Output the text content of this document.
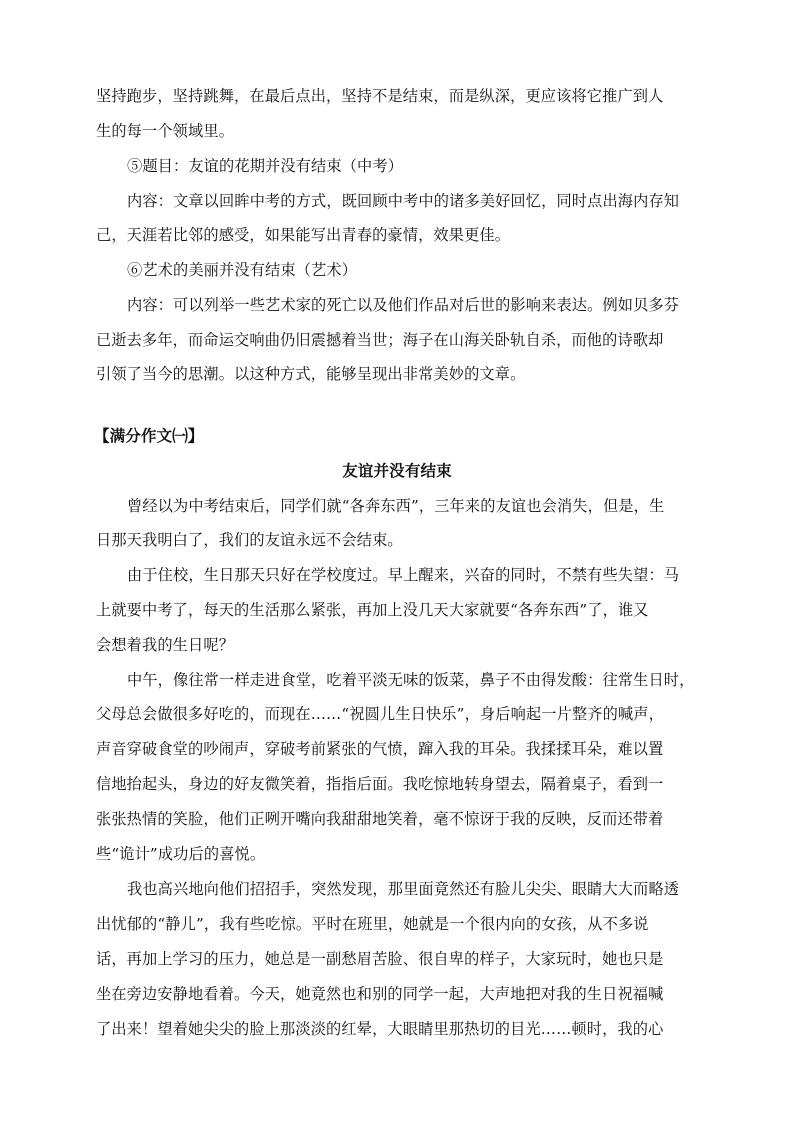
坚持跑步，坚持跳舞，在最后点出，坚持不是结束，而是纵深，更应该将它推广到人
生的每一个领域里。
⑤题目：友谊的花期并没有结束（中考）
内容：文章以回眸中考的方式，既回顾中考中的诸多美好回忆，同时点出海内存知
己，天涯若比邻的感受，如果能写出青春的豪情，效果更佳。
⑥艺术的美丽并没有结束（艺术）
内容：可以列举一些艺术家的死亡以及他们作品对后世的影响来表达。例如贝多芬
已逝去多年，而命运交响曲仍旧震撼着当世；海子在山海关卧轨自杀，而他的诗歌却
引领了当今的思潮。以这种方式，能够呈现出非常美妙的文章。
【满分作文㈠】
友谊并没有结束
曾经以为中考结束后，同学们就“各奔东西”，三年来的友谊也会消失，但是，生
日那天我明白了，我们的友谊永远不会结束。
由于住校，生日那天只好在学校度过。早上醒来，兴奋的同时，不禁有些失望：马
上就要中考了，每天的生活那么紧张，再加上没几天大家就要“各奔东西”了，谁又
会想着我的生日呢？
中午，像往常一样走进食堂，吃着平淡无味的饭菜，鼻子不由得发酸：往常生日时，
父母总会做很多好吃的，而现在……“祝圆儿生日快乐”，身后响起一片整齐的喊声，
声音穿破食堂的吵闹声，穿破考前紧张的气愤，蹿入我的耳朵。我揉揉耳朵，难以置
信地抬起头，身边的好友微笑着，指指后面。我吃惊地转身望去，隔着桌子，看到一
张张热情的笑脸，他们正咧开嘴向我甜甜地笑着，毫不惊讶于我的反映，反而还带着
些“诡计”成功后的喜悦。
我也高兴地向他们招招手，突然发现，那里面竟然还有脸儿尖尖、眼睛大大而略透
出忧郁的“静儿”，我有些吃惊。平时在班里，她就是一个很内向的女孩，从不多说
话，再加上学习的压力，她总是一副愁眉苦脸、很自卑的样子，大家玩时，她也只是
坐在旁边安静地看着。今天，她竟然也和别的同学一起，大声地把对我的生日祝福喊
了出来！望着她尖尖的脸上那淡淡的红晕，大眼睛里那热切的目光……顿时，我的心
